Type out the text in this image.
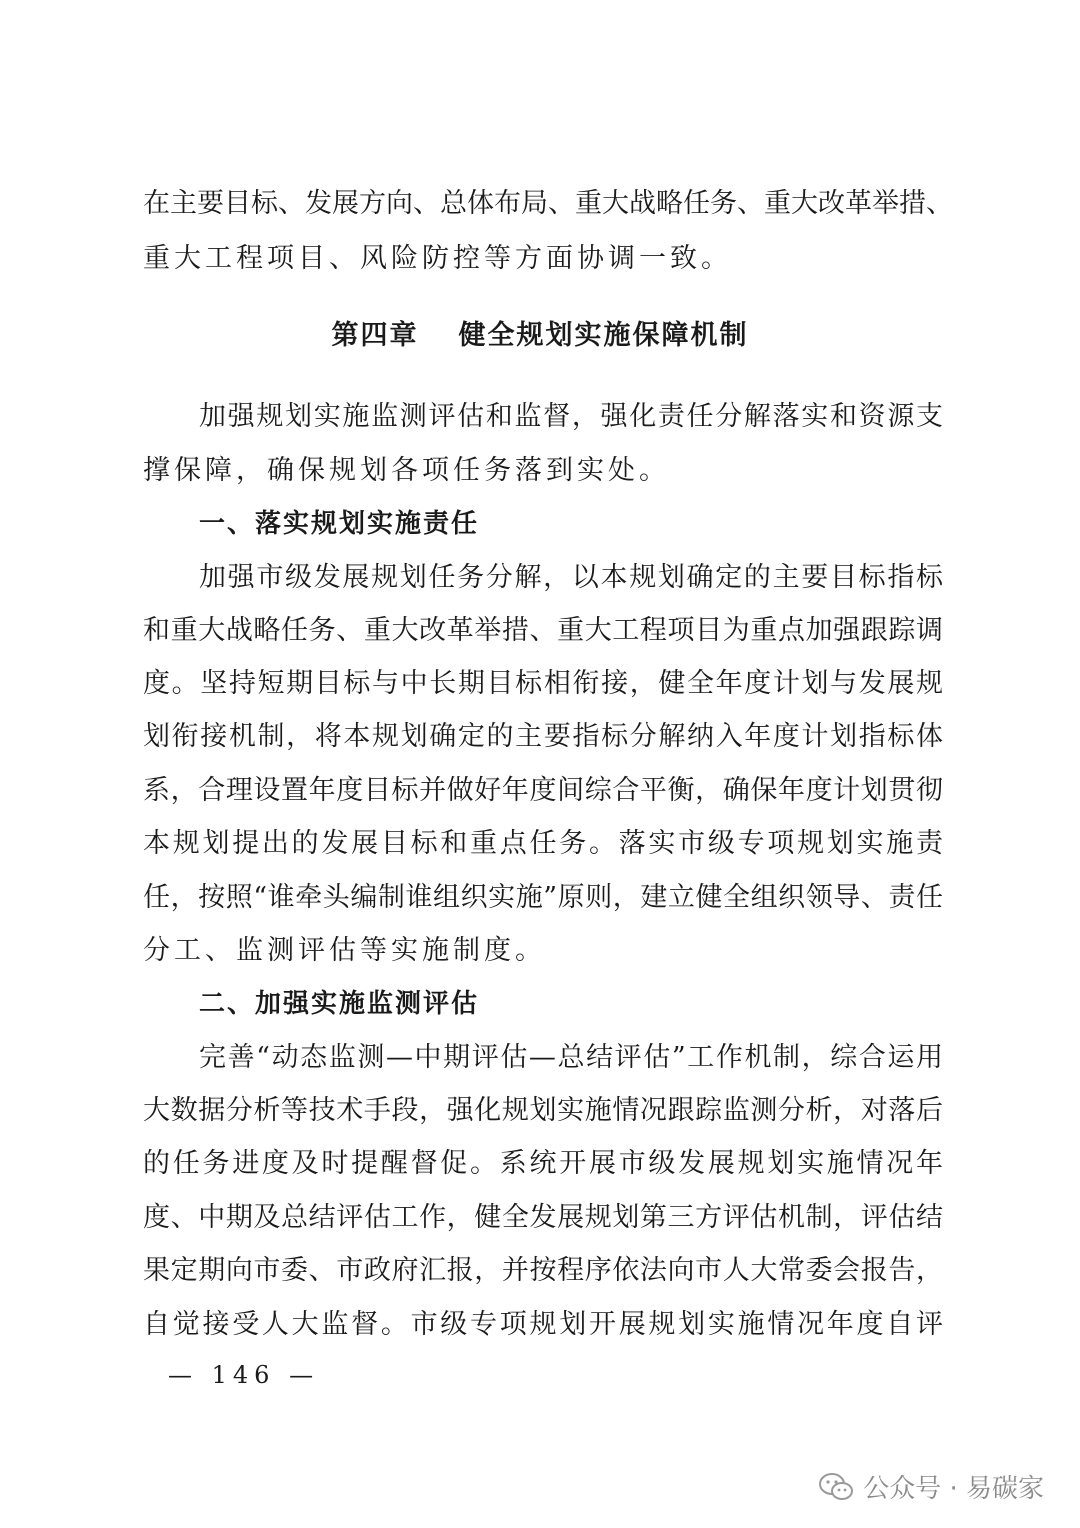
在主要目标、发展方向、总体布局、重大战略任务、重大改革举措、
重大工程项目、风险防控等方面协调一致。
第四章 健全规划实施保障机制
加强规划实施监测评估和监督，强化责任分解落实和资源支
撑保障，确保规划各项任务落到实处。
一、落实规划实施责任
加强市级发展规划任务分解，以本规划确定的主要目标指标
和重大战略任务、重大改革举措、重大工程项目为重点加强跟踪调
度。坚持短期目标与中长期目标相衔接，健全年度计划与发展规
划衔接机制，将本规划确定的主要指标分解纳入年度计划指标体
系，合理设置年度目标并做好年度间综合平衡，确保年度计划贯彻
本规划提出的发展目标和重点任务。落实市级专项规划实施责
任，按照“谁牵头编制谁组织实施”原则，建立健全组织领导、责任
分工、监测评估等实施制度。
二、加强实施监测评估
完善“动态监测—中期评估—总结评估”工作机制，综合运用
大数据分析等技术手段，强化规划实施情况跟踪监测分析，对落后
的任务进度及时提醒督促。系统开展市级发展规划实施情况年
度、中期及总结评估工作，健全发展规划第三方评估机制，评估结
果定期向市委、市政府汇报，并按程序依法向市人大常委会报告，
自觉接受人大监督。市级专项规划开展规划实施情况年度自评
— 146 —
公众号 · 易碳家
